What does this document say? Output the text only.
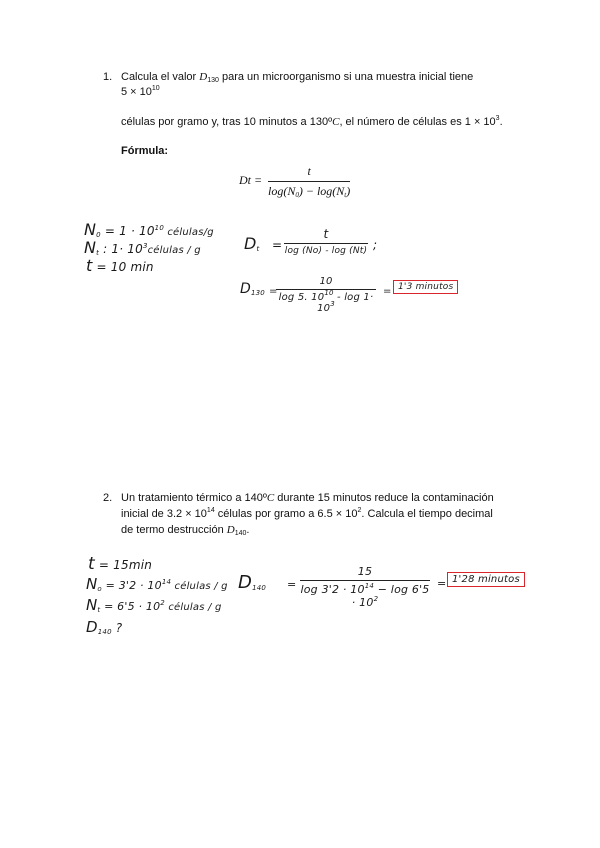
1. Calcula el valor $D_{130}$ para un microorganismo si una muestra inicial tiene
$5 \times 10^{10}$
células por gramo y, tras 10 minutos a 130ºC, el número de células es $1 \times 10^3$.
Fórmula:
Dt =
t
$\log(N_0) - \log(N_t)$
$N_0 = 1 \cdot 10^{10}$ células/g
$N_t$ : $1\cdot 10^3células / g$
t = 10 min
$D_t$ =
t
log (No) - log (Nt) ;
$D_{130}$ =
10
log 5. $10^{10} - \log 1\cdot 10^3$
= 1'3 minutos
2. Un tratamiento térmico a 140ºC durante 15 minutos reduce la contaminación
inicial de $3.2 \times 10^{14}$ células por gramo a $6.5 \times 10^2$. Calcula el tiempo decimal
de termo destrucción $D_{140}$.
t = 15min
$N_o = 3'2 \cdot 10^{14}$ células / g
$N_t = 6'5 \cdot 10^2$ células / g
$D_{140}$ ?
$D_{140}$ =
15
$\log 3'2 \cdot 10^{14} - \log 6'5 \cdot 10^2$
= 1'28 minutos
